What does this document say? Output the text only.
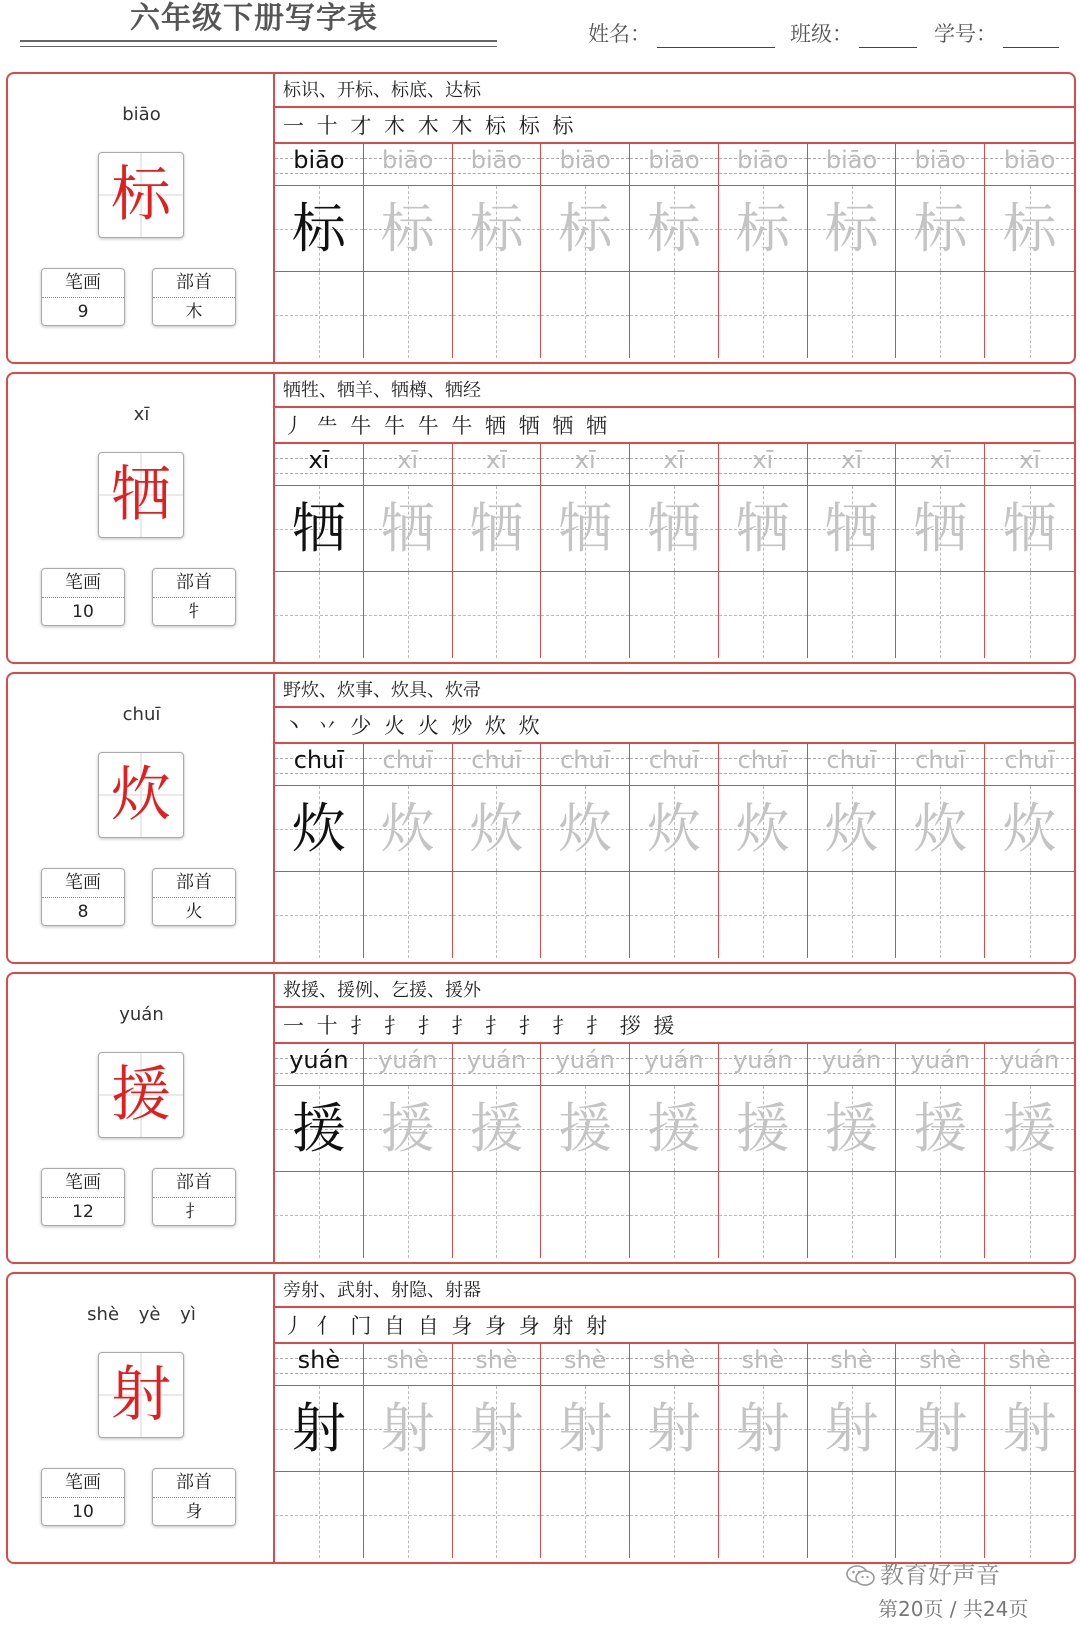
六年级下册写字表	姓名：	班级：	学号：
biāo
标
笔画
9
部首
木
标识、开标、标底、达标
一 十 才 木 木 木 标 标 标
biāo	biāo	biāo	biāo	biāo	biāo	biāo	biāo	biāo
标 标 标 标 标 标 标 标 标
xī
牺
笔画
10
部首
牜
牺牲、牺羊、牺樽、牺经
丿 ⺧ 牛 牛 牛 牛 牺 牺 牺 牺
xī	xī	xī	xī	xī	xī	xī	xī	xī
牺 牺 牺 牺 牺 牺 牺 牺 牺
chuī
炊
笔画
8
部首
火
野炊、炊事、炊具、炊帚
丶 丷 少 火 火 炒 炊 炊
chuī	chuī	chuī	chuī	chuī	chuī	chuī	chuī	chuī
炊 炊 炊 炊 炊 炊 炊 炊 炊
yuán
援
笔画
12
部首
扌
救援、援例、乞援、援外
一 十 扌 扌 扌 扌 扌 扌 扌 扌 拶 援
yuán	yuán	yuán	yuán	yuán	yuán	yuán	yuán	yuán
援 援 援 援 援 援 援 援 援
shè yè yì
射
笔画
10
部首
身
旁射、武射、射隐、射器
丿 亻 门 自 自 身 身 身 射 射
shè	shè	shè	shè	shè	shè	shè	shè	shè
射 射 射 射 射 射 射 射 射
教育好声音
第20页 / 共24页
